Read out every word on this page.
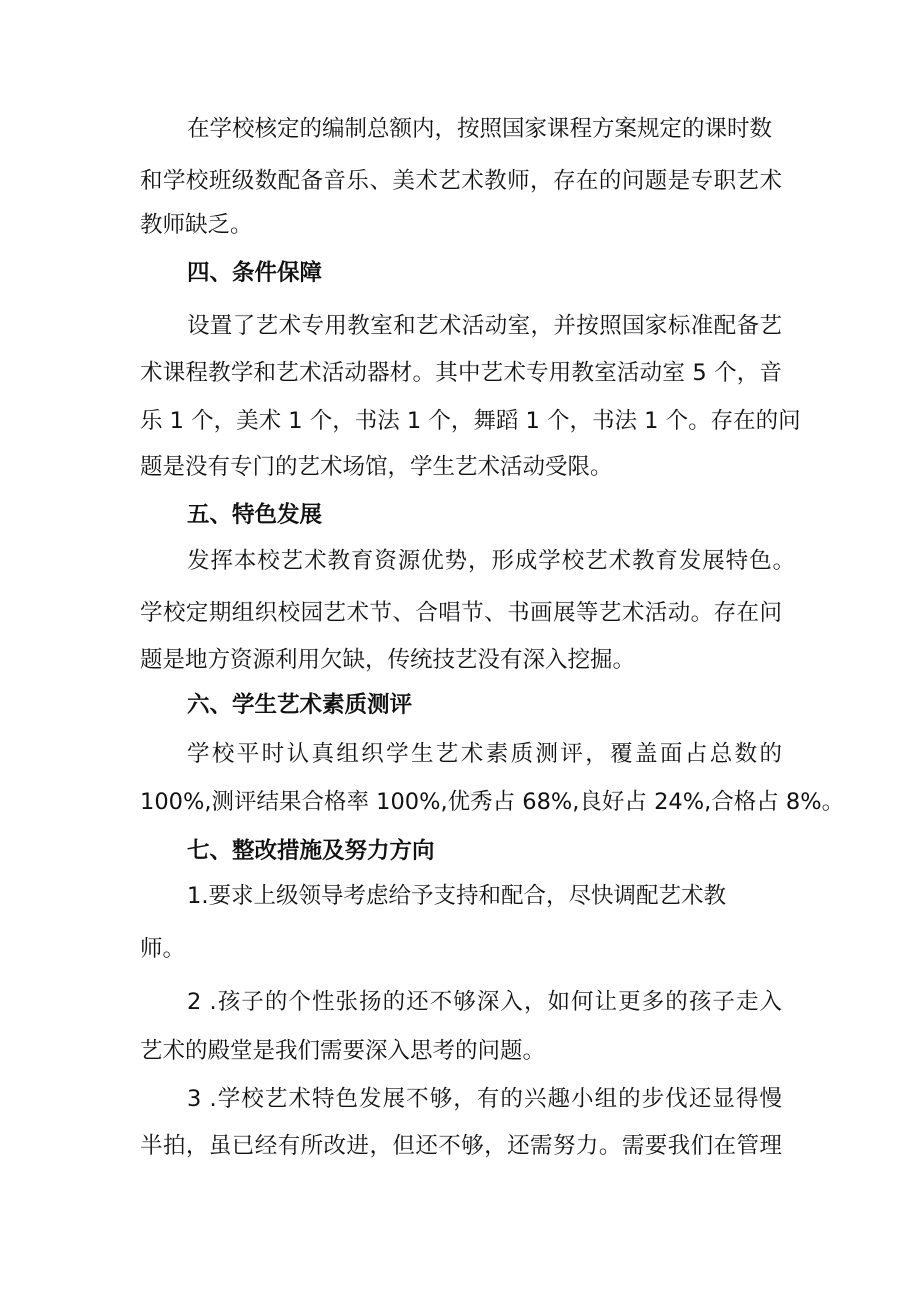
在学校核定的编制总额内，按照国家课程方案规定的课时数

和学校班级数配备音乐、美术艺术教师，存在的问题是专职艺术

教师缺乏。

四、条件保障

设置了艺术专用教室和艺术活动室，并按照国家标准配备艺

术课程教学和艺术活动器材。其中艺术专用教室活动室 5 个，音

乐 1 个，美术 1 个，书法 1 个，舞蹈 1 个，书法 1 个。存在的问

题是没有专门的艺术场馆，学生艺术活动受限。

五、特色发展

发挥本校艺术教育资源优势，形成学校艺术教育发展特色。

学校定期组织校园艺术节、合唱节、书画展等艺术活动。存在问

题是地方资源利用欠缺，传统技艺没有深入挖掘。

六、学生艺术素质测评

学校平时认真组织学生艺术素质测评，覆盖面占总数的

100%,测评结果合格率 100%,优秀占 68%,良好占 24%,合格占 8%。

七、整改措施及努力方向

1.要求上级领导考虑给予支持和配合，尽快调配艺术教

师。

2 .孩子的个性张扬的还不够深入，如何让更多的孩子走入

艺术的殿堂是我们需要深入思考的问题。

3 .学校艺术特色发展不够，有的兴趣小组的步伐还显得慢

半拍，虽已经有所改进，但还不够，还需努力。需要我们在管理
